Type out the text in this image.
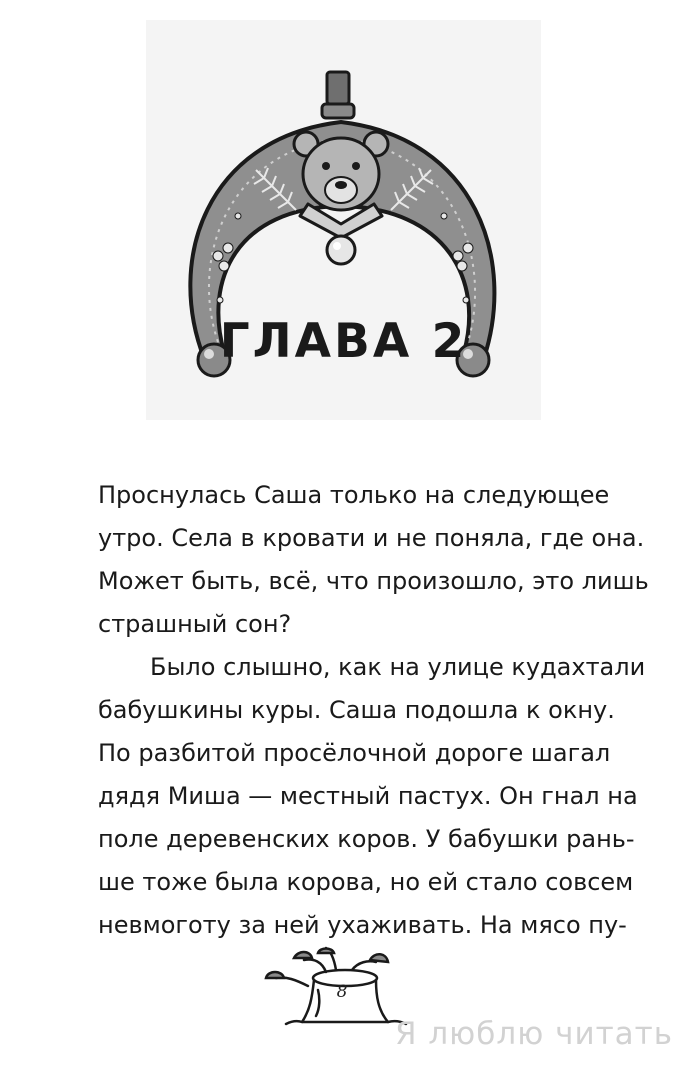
ГЛАВА 2
Проснулась Саша только на следующее
утро. Села в кровати и не поняла, где она.
Может быть, всё, что произошло, это лишь
страшный сон?
Было слышно, как на улице кудахтали
бабушкины куры. Саша подошла к окну.
По разбитой просёлочной дороге шагал
дядя Миша — местный пастух. Он гнал на
поле деревенских коров. У бабушки рань-
ше тоже была корова, но ей стало совсем
невмоготу за ней ухаживать. На мясо пу-
8
Я люблю читать
